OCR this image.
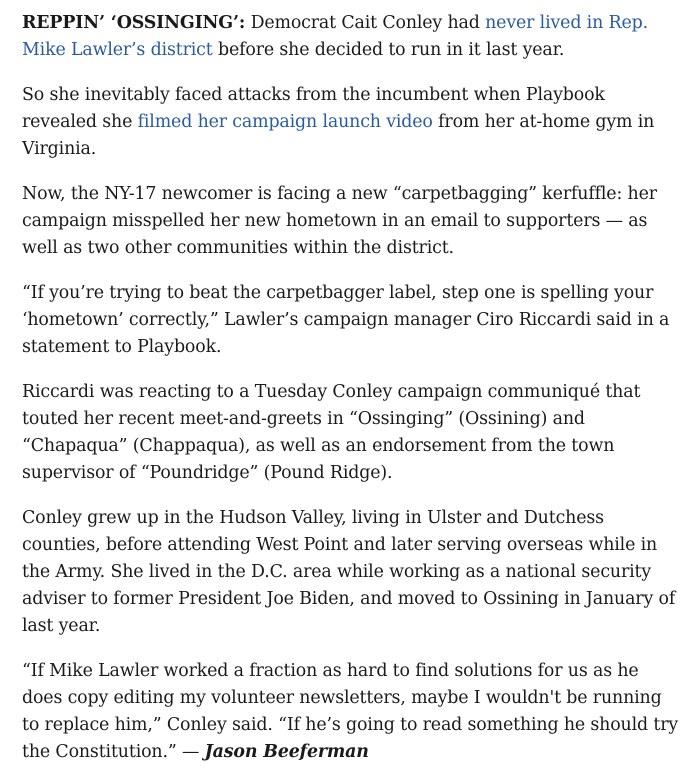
REPPIN’ ‘OSSINGING’: Democrat Cait Conley had never lived in Rep. Mike Lawler’s district before she decided to run in it last year.

So she inevitably faced attacks from the incumbent when Playbook revealed she filmed her campaign launch video from her at-home gym in Virginia.

Now, the NY-17 newcomer is facing a new “carpetbagging” kerfuffle: her campaign misspelled her new hometown in an email to supporters — as well as two other communities within the district.

“If you’re trying to beat the carpetbagger label, step one is spelling your ‘hometown’ correctly,” Lawler’s campaign manager Ciro Riccardi said in a statement to Playbook.

Riccardi was reacting to a Tuesday Conley campaign communiqué that touted her recent meet-and-greets in “Ossinging” (Ossining) and “Chapaqua” (Chappaqua), as well as an endorsement from the town supervisor of “Poundridge” (Pound Ridge).

Conley grew up in the Hudson Valley, living in Ulster and Dutchess counties, before attending West Point and later serving overseas while in the Army. She lived in the D.C. area while working as a national security adviser to former President Joe Biden, and moved to Ossining in January of last year.

“If Mike Lawler worked a fraction as hard to find solutions for us as he does copy editing my volunteer newsletters, maybe I wouldn't be running to replace him,” Conley said. “If he’s going to read something he should try the Constitution.” — Jason Beeferman
